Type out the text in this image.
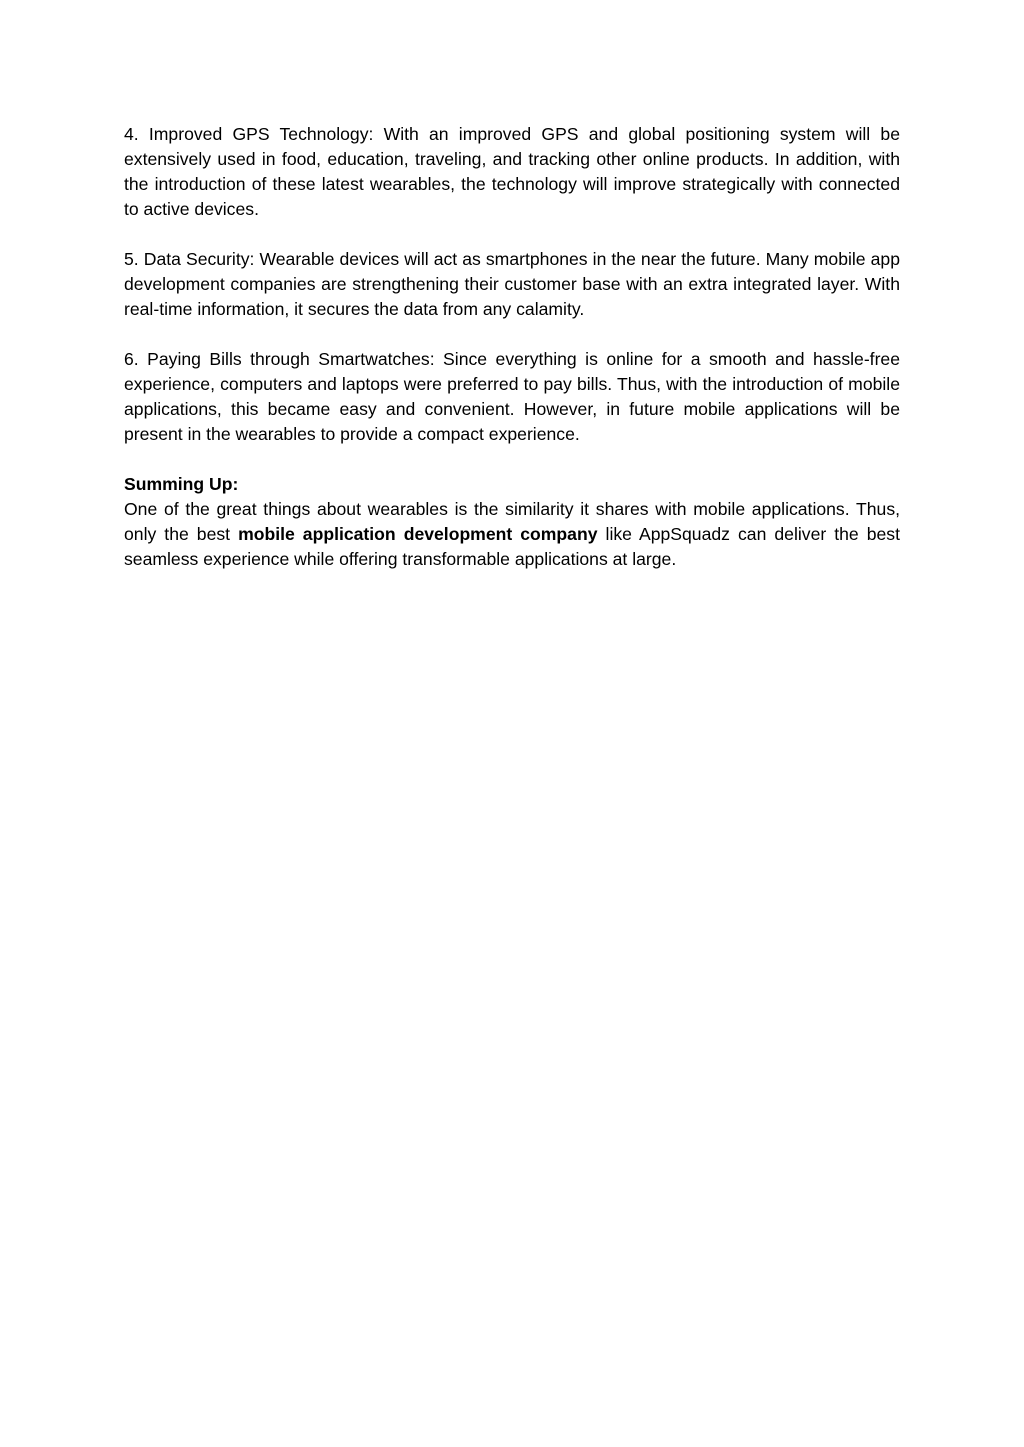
4. Improved GPS Technology: With an improved GPS and global positioning system will be extensively used in food, education, traveling, and tracking other online products. In addition, with the introduction of these latest wearables, the technology will improve strategically with connected to active devices.

5. Data Security: Wearable devices will act as smartphones in the near the future. Many mobile app development companies are strengthening their customer base with an extra integrated layer. With real-time information, it secures the data from any calamity.

6. Paying Bills through Smartwatches: Since everything is online for a smooth and hassle-free experience, computers and laptops were preferred to pay bills. Thus, with the introduction of mobile applications, this became easy and convenient. However, in future mobile applications will be present in the wearables to provide a compact experience.

Summing Up:

One of the great things about wearables is the similarity it shares with mobile applications. Thus, only the best mobile application development company like AppSquadz can deliver the best seamless experience while offering transformable applications at large.
